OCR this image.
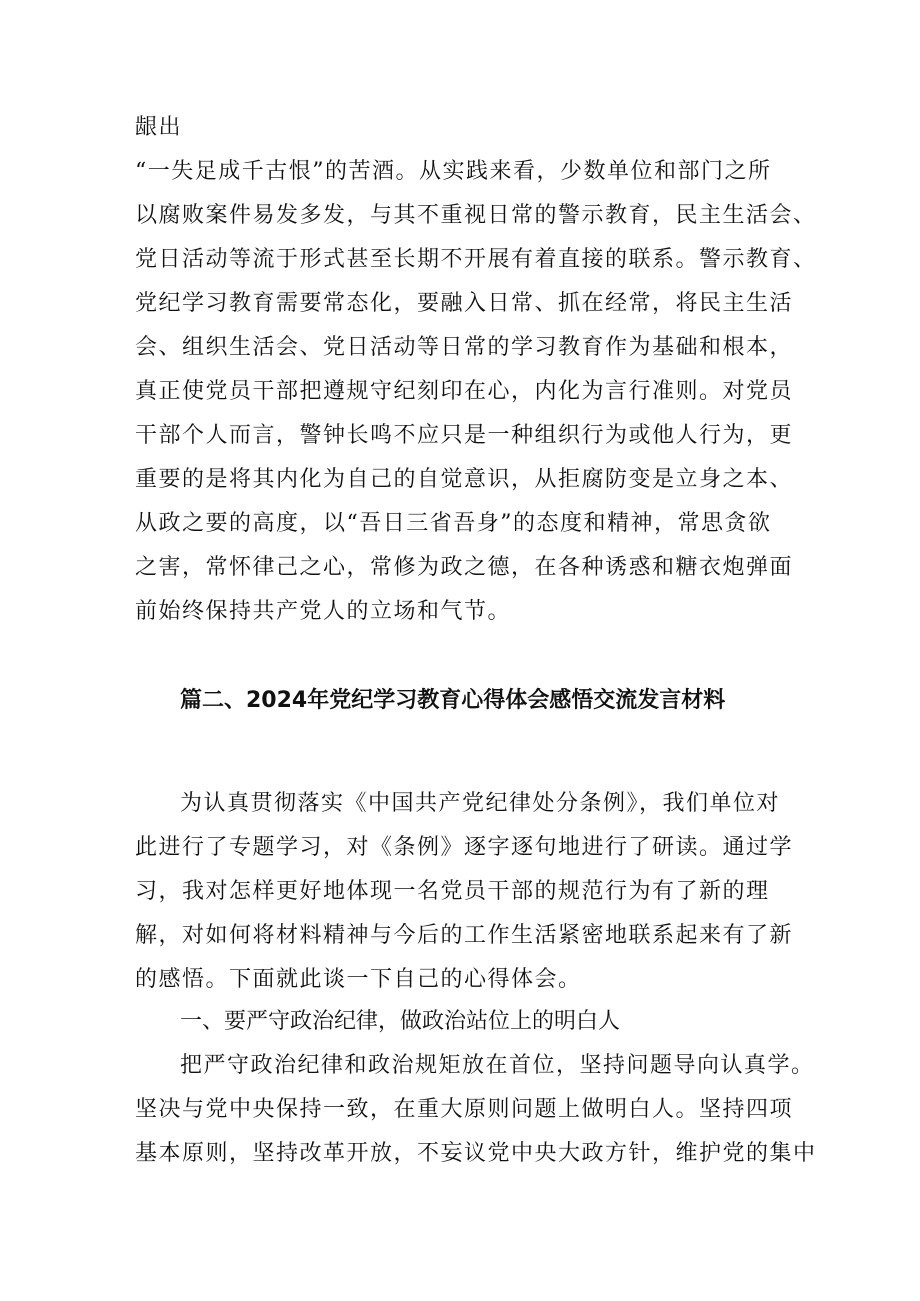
龈出
“一失足成千古恨”的苦酒。从实践来看，少数单位和部门之所
以腐败案件易发多发，与其不重视日常的警示教育，民主生活会、
党日活动等流于形式甚至长期不开展有着直接的联系。警示教育、
党纪学习教育需要常态化，要融入日常、抓在经常，将民主生活
会、组织生活会、党日活动等日常的学习教育作为基础和根本，
真正使党员干部把遵规守纪刻印在心，内化为言行准则。对党员
干部个人而言，警钟长鸣不应只是一种组织行为或他人行为，更
重要的是将其内化为自己的自觉意识，从拒腐防变是立身之本、
从政之要的高度，以“吾日三省吾身”的态度和精神，常思贪欲
之害，常怀律己之心，常修为政之德，在各种诱惑和糖衣炮弹面
前始终保持共产党人的立场和气节。
篇二、2024年党纪学习教育心得体会感悟交流发言材料
为认真贯彻落实《中国共产党纪律处分条例》，我们单位对
此进行了专题学习，对《条例》逐字逐句地进行了研读。通过学
习，我对怎样更好地体现一名党员干部的规范行为有了新的理
解，对如何将材料精神与今后的工作生活紧密地联系起来有了新
的感悟。下面就此谈一下自己的心得体会。
一、要严守政治纪律，做政治站位上的明白人
把严守政治纪律和政治规矩放在首位，坚持问题导向认真学。
坚决与党中央保持一致，在重大原则问题上做明白人。坚持四项
基本原则，坚持改革开放，不妄议党中央大政方针，维护党的集中
